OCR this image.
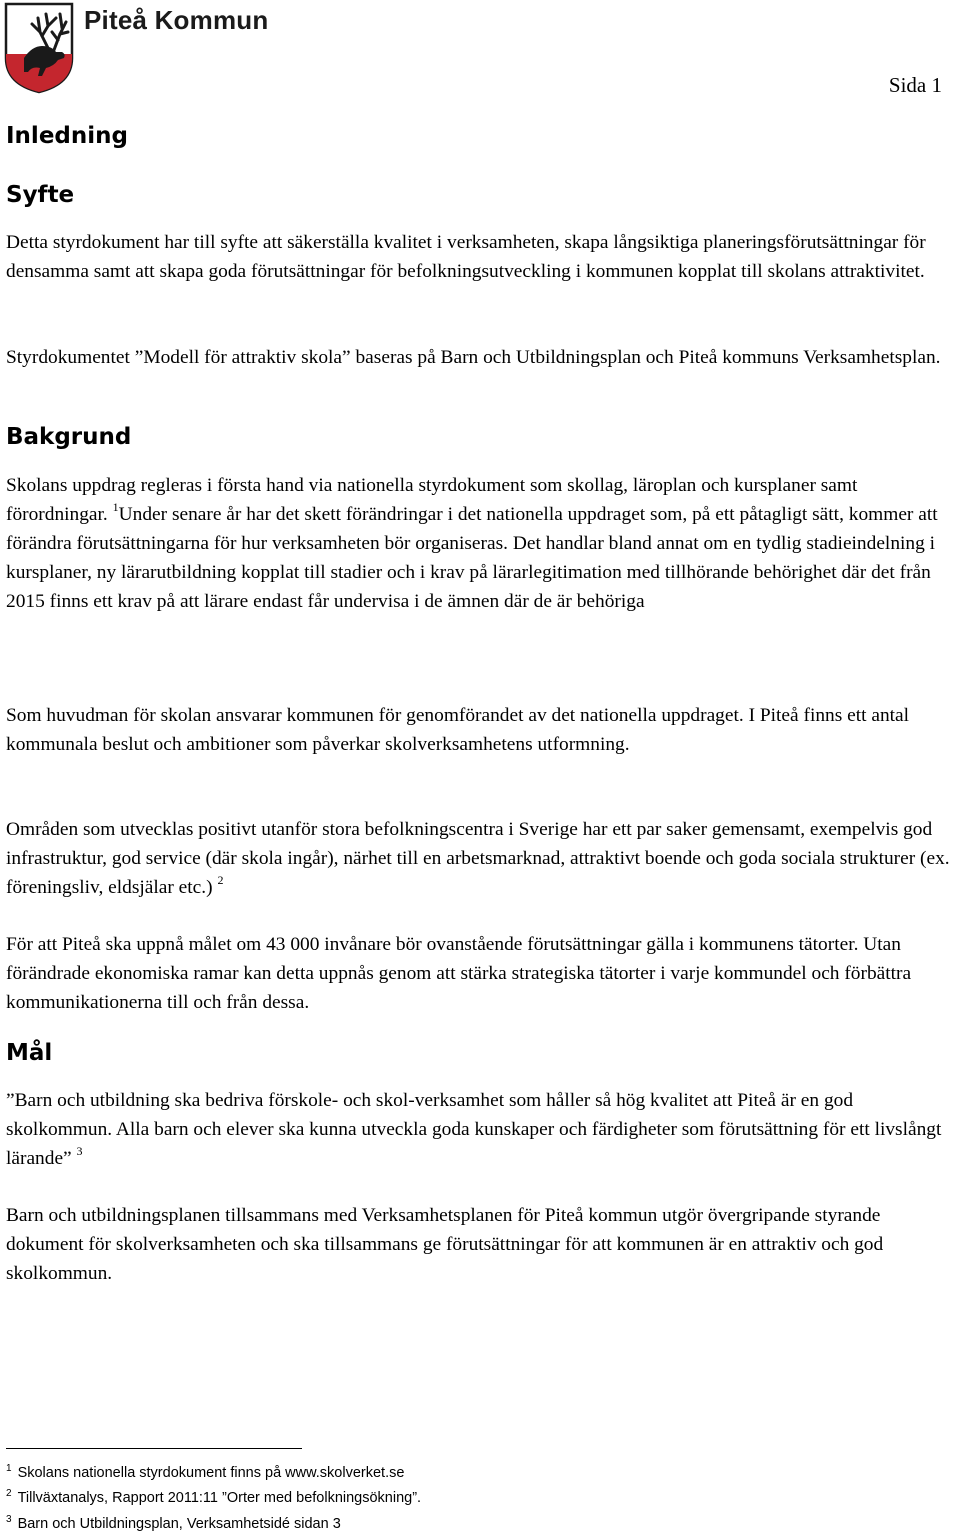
Piteå Kommun
Sida 1
Inledning
Syfte

Detta styrdokument har till syfte att säkerställa kvalitet i verksamheten, skapa långsiktiga planeringsförutsättningar för densamma samt att skapa goda förutsättningar för befolkningsutveckling i kommunen kopplat till skolans attraktivitet.

Styrdokumentet ”Modell för attraktiv skola” baseras på Barn och Utbildningsplan och Piteå kommuns Verksamhetsplan.

Bakgrund

Skolans uppdrag regleras i första hand via nationella styrdokument som skollag, läroplan och kursplaner samt förordningar. $^1$Under senare år har det skett förändringar i det nationella uppdraget som, på ett påtagligt sätt, kommer att förändra förutsättningarna för hur verksamheten bör organiseras. Det handlar bland annat om en tydlig stadieindelning i kursplaner, ny lärarutbildning kopplat till stadier och i krav på lärarlegitimation med tillhörande behörighet där det från 2015 finns ett krav på att lärare endast får undervisa i de ämnen där de är behöriga

Som huvudman för skolan ansvarar kommunen för genomförandet av det nationella uppdraget. I Piteå finns ett antal kommunala beslut och ambitioner som påverkar skolverksamhetens utformning.

Områden som utvecklas positivt utanför stora befolkningscentra i Sverige har ett par saker gemensamt, exempelvis god infrastruktur, god service (där skola ingår), närhet till en arbetsmarknad, attraktivt boende och goda sociala strukturer (ex. föreningsliv, eldsjälar etc.) $^2$

För att Piteå ska uppnå målet om 43 000 invånare bör ovanstående förutsättningar gälla i kommunens tätorter. Utan förändrade ekonomiska ramar kan detta uppnås genom att stärka strategiska tätorter i varje kommundel och förbättra kommunikationerna till och från dessa.

Mål

”Barn och utbildning ska bedriva förskole- och skol-verksamhet som håller så hög kvalitet att Piteå är en god skolkommun. Alla barn och elever ska kunna utveckla goda kunskaper och färdigheter som förutsättning för ett livslångt lärande” $^3$

Barn och utbildningsplanen tillsammans med Verksamhetsplanen för Piteå kommun utgör övergripande styrande dokument för skolverksamheten och ska tillsammans ge förutsättningar för att kommunen är en attraktiv och god skolkommun.

$^1$ Skolans nationella styrdokument finns på www.skolverket.se
$^2$ Tillväxtanalys, Rapport 2011:11 ”Orter med befolkningsökning”.
$^3$ Barn och Utbildningsplan, Verksamhetsidé sidan 3
